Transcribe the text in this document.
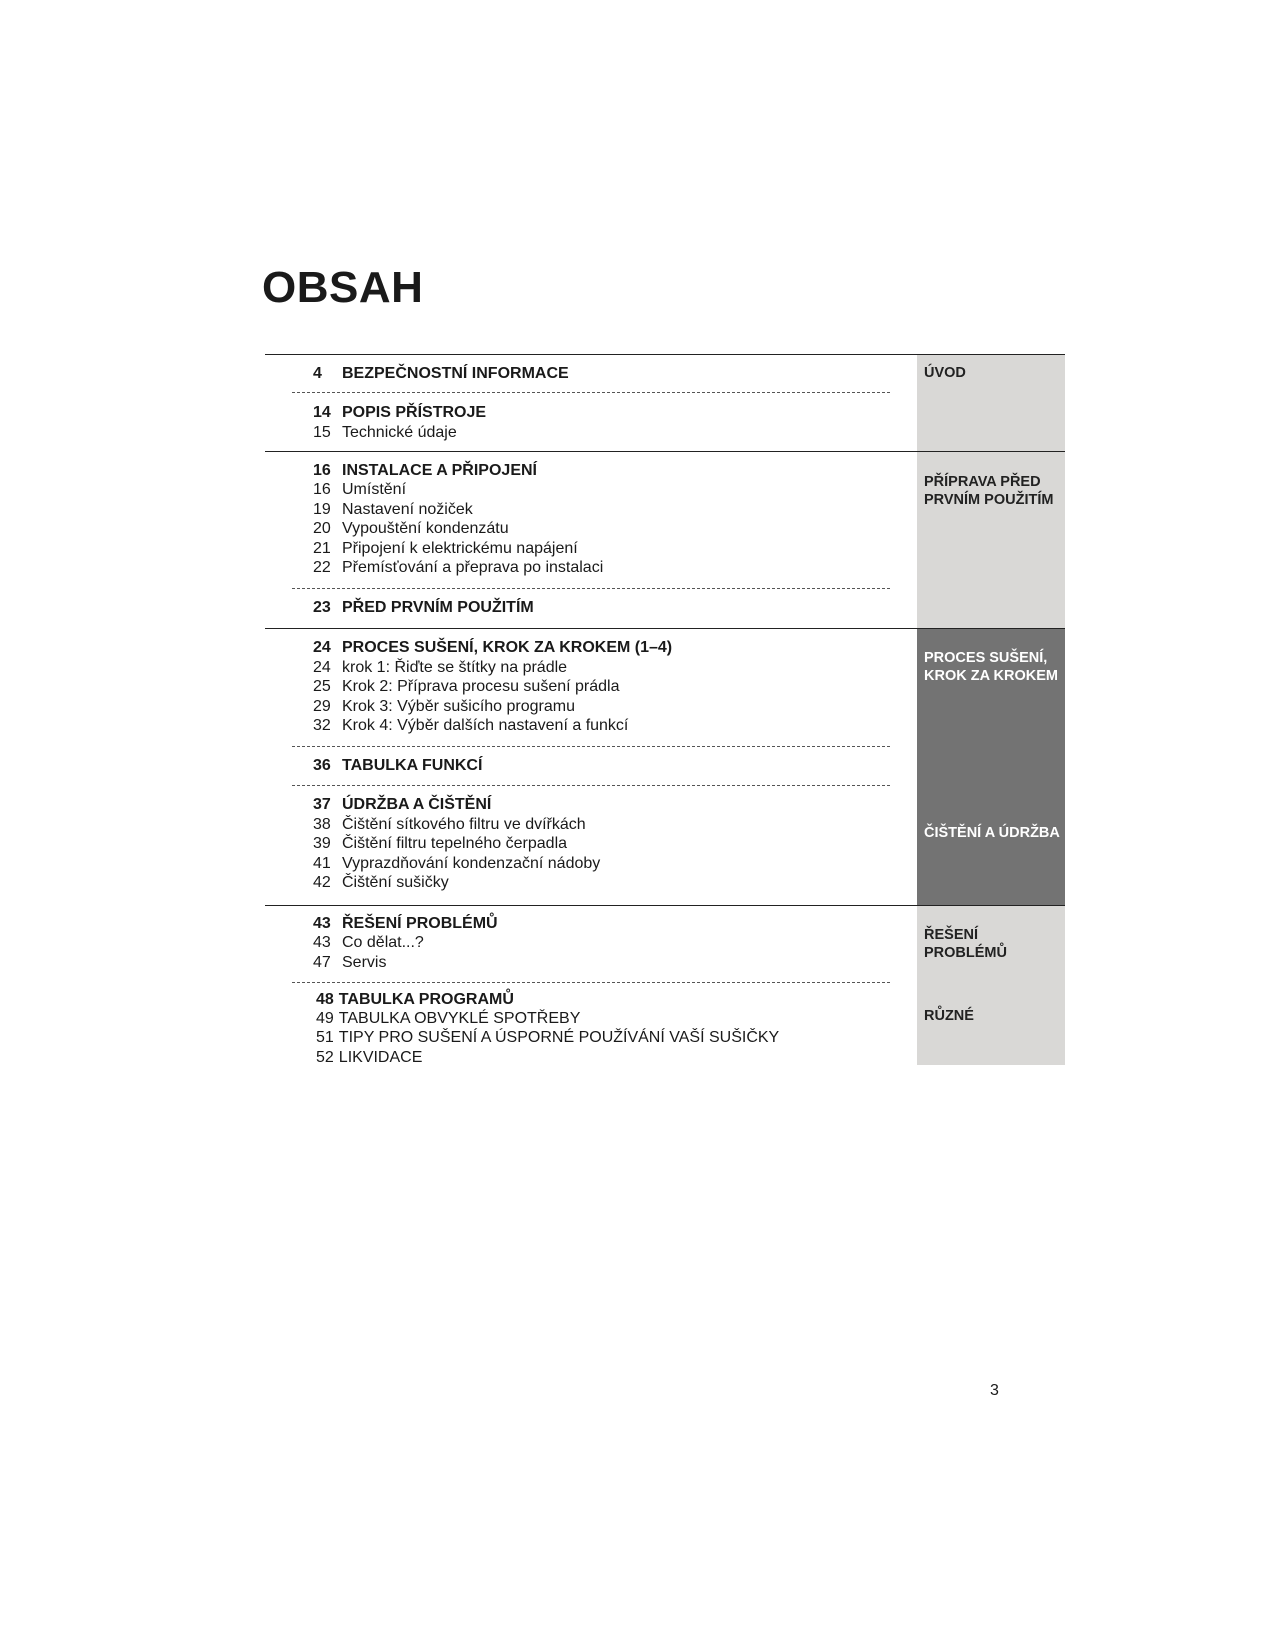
OBSAH

ÚVOD

PŘÍPRAVA PŘED PRVNÍM POUŽITÍM

PROCES SUŠENÍ, KROK ZA KROKEM

ČIŠTĚNÍ A ÚDRŽBA

ŘEŠENÍ PROBLÉMŮ

RŮZNÉ

4	BEZPEČNOSTNÍ INFORMACE
14 POPIS PŘÍSTROJE
15 Technické údaje
16 INSTALACE A PŘIPOJENÍ
16 Umístění
19 Nastavení nožiček
20 Vypouštění kondenzátu
21 Připojení k elektrickému napájení
22 Přemísťování a přeprava po instalaci
23 PŘED PRVNÍM POUŽITÍM
24 PROCES SUŠENÍ, KROK ZA KROKEM (1–4)
24 krok 1: Řiďte se štítky na prádle
25 Krok 2: Příprava procesu sušení prádla
29 Krok 3: Výběr sušicího programu
32 Krok 4: Výběr dalších nastavení a funkcí
36 TABULKA FUNKCÍ
37 ÚDRŽBA A ČIŠTĚNÍ
38 Čištění sítkového filtru ve dvířkách
39 Čištění filtru tepelného čerpadla
41 Vyprazdňování kondenzační nádoby
42 Čištění sušičky
43 ŘEŠENÍ PROBLÉMŮ
43 Co dělat...?
47 Servis
48 TABULKA PROGRAMŮ
49 TABULKA OBVYKLÉ SPOTŘEBY
51 TIPY PRO SUŠENÍ A ÚSPORNÉ POUŽÍVÁNÍ VAŠÍ SUŠIČKY
52 LIKVIDACE
3
